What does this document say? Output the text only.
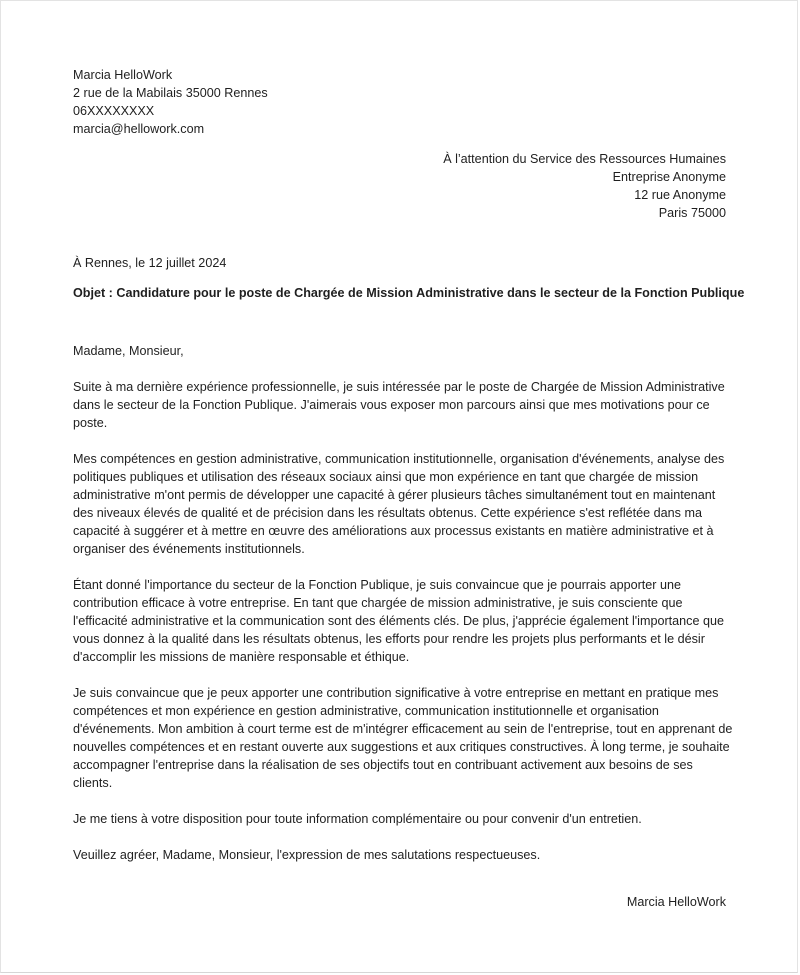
Marcia HelloWork
2 rue de la Mabilais 35000 Rennes
06XXXXXXXX
marcia@hellowork.com
À l’attention du Service des Ressources Humaines
Entreprise Anonyme
12 rue Anonyme
Paris 75000
À Rennes, le 12 juillet 2024
Objet : Candidature pour le poste de Chargée de Mission Administrative dans le secteur de la Fonction Publique

Madame, Monsieur,

Suite à ma dernière expérience professionnelle, je suis intéressée par le poste de Chargée de Mission Administrative dans le secteur de la Fonction Publique. J'aimerais vous exposer mon parcours ainsi que mes motivations pour ce poste.

Mes compétences en gestion administrative, communication institutionnelle, organisation d'événements, analyse des politiques publiques et utilisation des réseaux sociaux ainsi que mon expérience en tant que chargée de mission administrative m'ont permis de développer une capacité à gérer plusieurs tâches simultanément tout en maintenant des niveaux élevés de qualité et de précision dans les résultats obtenus. Cette expérience s'est reflétée dans ma capacité à suggérer et à mettre en œuvre des améliorations aux processus existants en matière administrative et à organiser des événements institutionnels.

Étant donné l'importance du secteur de la Fonction Publique, je suis convaincue que je pourrais apporter une contribution efficace à votre entreprise. En tant que chargée de mission administrative, je suis consciente que l'efficacité administrative et la communication sont des éléments clés. De plus, j'apprécie également l'importance que vous donnez à la qualité dans les résultats obtenus, les efforts pour rendre les projets plus performants et le désir d'accomplir les missions de manière responsable et éthique.

Je suis convaincue que je peux apporter une contribution significative à votre entreprise en mettant en pratique mes compétences et mon expérience en gestion administrative, communication institutionnelle et organisation d'événements. Mon ambition à court terme est de m'intégrer efficacement au sein de l'entreprise, tout en apprenant de nouvelles compétences et en restant ouverte aux suggestions et aux critiques constructives. À long terme, je souhaite accompagner l'entreprise dans la réalisation de ses objectifs tout en contribuant activement aux besoins de ses clients.

Je me tiens à votre disposition pour toute information complémentaire ou pour convenir d'un entretien.

Veuillez agréer, Madame, Monsieur, l'expression de mes salutations respectueuses.

Marcia HelloWork
